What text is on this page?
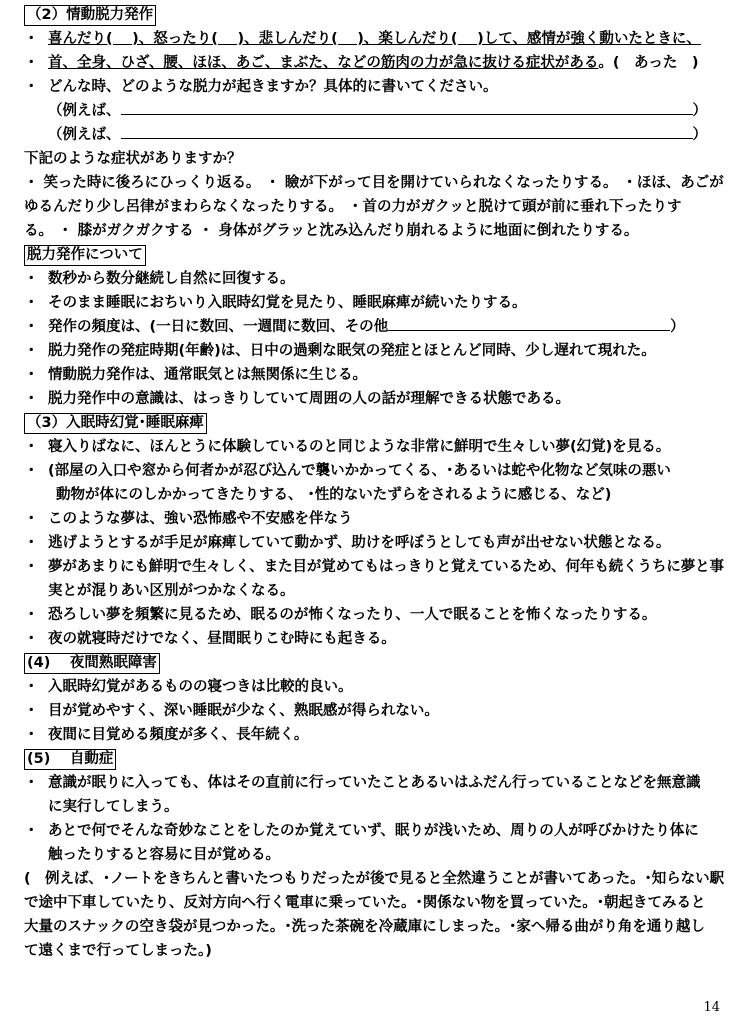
（2）情動脱力発作
・ 喜んだり(　 )、怒ったり(　 )、悲しんだり(　 )、楽しんだり(　 )して、感情が強く動いたときに、
・ 首、全身、ひざ、腰、ほほ、あご、まぶた、などの筋肉の力が急に抜ける症状がある。(　あった　)
・ どんな時、どのような脱力が起きますか？具体的に書いてください。
（例えば、	）
（例えば、	）
下記のような症状がありますか？
・ 笑った時に後ろにひっくり返る。 ・ 瞼が下がって目を開けていられなくなったりする。 ・ほほ、あごが
ゆるんだり少し呂律がまわらなくなったりする。 ・首の力がガクッと脱けて頭が前に垂れ下ったりす
る。 ・ 膝がガクガクする ・ 身体がグラッと沈み込んだり崩れるように地面に倒れたりする。
脱力発作について
・ 数秒から数分継続し自然に回復する。
・ そのまま睡眠におちいり入眠時幻覚を見たり、睡眠麻痺が続いたりする。
・ 発作の頻度は、(一日に数回、一週間に数回、その他	）
・ 脱力発作の発症時期(年齢)は、日中の過剰な眠気の発症とほとんど同時、少し遅れて現れた。
・ 情動脱力発作は、通常眠気とは無関係に生じる。
・ 脱力発作中の意識は、はっきりしていて周囲の人の話が理解できる状態である。
（3）入眠時幻覚･睡眠麻痺
・ 寝入りばなに、ほんとうに体験しているのと同じような非常に鮮明で生々しい夢(幻覚)を見る。
・ (部屋の入口や窓から何者かが忍び込んで襲いかかってくる、･あるいは蛇や化物など気味の悪い
動物が体にのしかかってきたりする、 ･性的ないたずらをされるように感じる、など)
・ このような夢は、強い恐怖感や不安感を伴なう
・ 逃げようとするが手足が麻痺していて動かず、助けを呼ぼうとしても声が出せない状態となる。
・ 夢があまりにも鮮明で生々しく、また目が覚めてもはっきりと覚えているため、何年も続くうちに夢と事
実とが混りあい区別がつかなくなる。
・ 恐ろしい夢を頻繁に見るため、眠るのが怖くなったり、一人で眠ることを怖くなったりする。
・ 夜の就寝時だけでなく、昼間眠りこむ時にも起きる。
(4)　 夜間熟眠障害
・ 入眠時幻覚があるものの寝つきは比較的良い。
・ 目が覚めやすく、深い睡眠が少なく、熟眠感が得られない。
・ 夜間に目覚める頻度が多く、長年続く。
(5)　 自動症
・ 意識が眠りに入っても、体はその直前に行っていたことあるいはふだん行っていることなどを無意識
に実行してしまう。
・ あとで何でそんな奇妙なことをしたのか覚えていず、眠りが浅いため、周りの人が呼びかけたり体に
触ったりすると容易に目が覚める。
(　例えば、･ノートをきちんと書いたつもりだったが後で見ると全然違うことが書いてあった。･知らない駅
で途中下車していたり、反対方向へ行く電車に乗っていた。･関係ない物を買っていた。･朝起きてみると
大量のスナックの空き袋が見つかった。･洗った茶碗を冷蔵庫にしまった。･家へ帰る曲がり角を通り越し
て遠くまで行ってしまった。)
14
